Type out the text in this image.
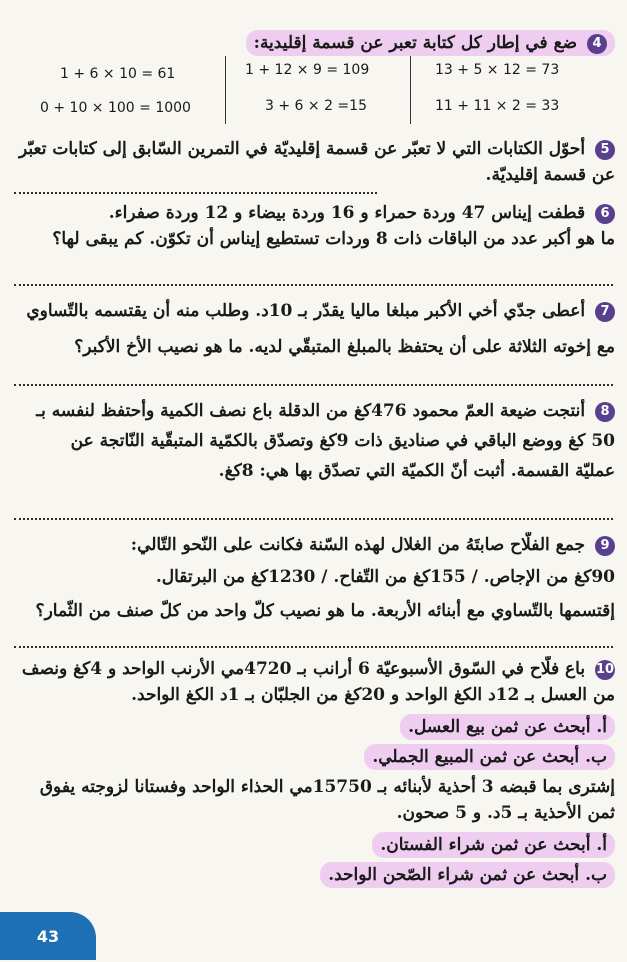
4 ضع في إطار كل كتابة تعبر عن قسمة إقليدية:
13 + 5 × 12 = 73
1 + 12 × 9 = 109
1 + 6 × 10 = 61
11 + 11 × 2 = 33
3 + 6 × 2 =15
0 + 10 × 100 = 1000
5 أحوّل الكتابات التي لا تعبّر عن قسمة إقليديّة في التمرين السّابق إلى كتابات تعبّر
عن قسمة إقليديّة.
6 قطفت إيناس 47 وردة حمراء و 16 وردة بيضاء و 12 وردة صفراء.
ما هو أكبر عدد من الباقات ذات 8 وردات تستطيع إيناس أن تكوّن. كم يبقى لها؟
7 أعطى جدّي أخي الأكبر مبلغا ماليا يقدّر بـ 10د. وطلب منه أن يقتسمه بالتّساوي
مع إخوته الثلاثة على أن يحتفظ بالمبلغ المتبقّي لديه. ما هو نصيب الأخ الأكبر؟
8 أنتجت ضيعة العمّ محمود 476كغ من الدقلة باع نصف الكمية وأحتفظ لنفسه بـ
50 كغ ووضع الباقي في صناديق ذات 9كغ وتصدّق بالكمّية المتبقّية النّاتجة عن
عمليّة القسمة. أثبت أنّ الكميّة التي تصدّق بها هي: 8كغ.
9 جمع الفلّاح صابتَهُ من الغلال لهذه السّنة فكانت على النّحو التّالي:
90كغ من الإجاص. / 155كغ من التّفاح. / 1230كغ من البرتقال.
إقتسمها بالتّساوي مع أبنائه الأربعة. ما هو نصيب كلّ واحد من كلّ صنف من الثّمار؟
10 باع فلّاح في السّوق الأسبوعيّة 6 أرانب بـ 4720مي الأرنب الواحد و 4كغ ونصف
من العسل بـ 12د الكغ الواحد و 20كغ من الجلبّان بـ 1د الكغ الواحد.
أ. أبحث عن ثمن بيع العسل.
ب. أبحث عن ثمن المبيع الجملي.
إشترى بما قبضه 3 أحذية لأبنائه بـ 15750مي الحذاء الواحد وفستانا لزوجته يفوق
ثمن الأحذية بـ 5د. و 5 صحون.
أ. أبحث عن ثمن شراء الفستان.
ب. أبحث عن ثمن شراء الصّحن الواحد.
43
